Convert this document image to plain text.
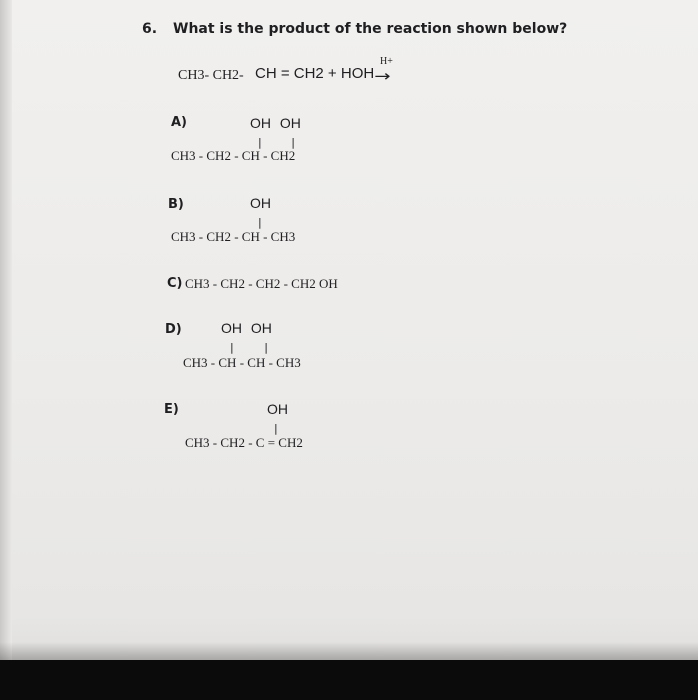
6. What is the product of the reaction shown below?
CH3- CH2- CH = CH2 + HOH
H+
→
A)	OH OH
| |
CH3 - CH2 - CH - CH2
B)	OH
|
CH3 - CH2 - CH - CH3
C) CH3 - CH2 - CH2 - CH2 OH
D)	OH OH
| |
CH3 - CH - CH - CH3
E)	OH
|
CH3 - CH2 - C = CH2
